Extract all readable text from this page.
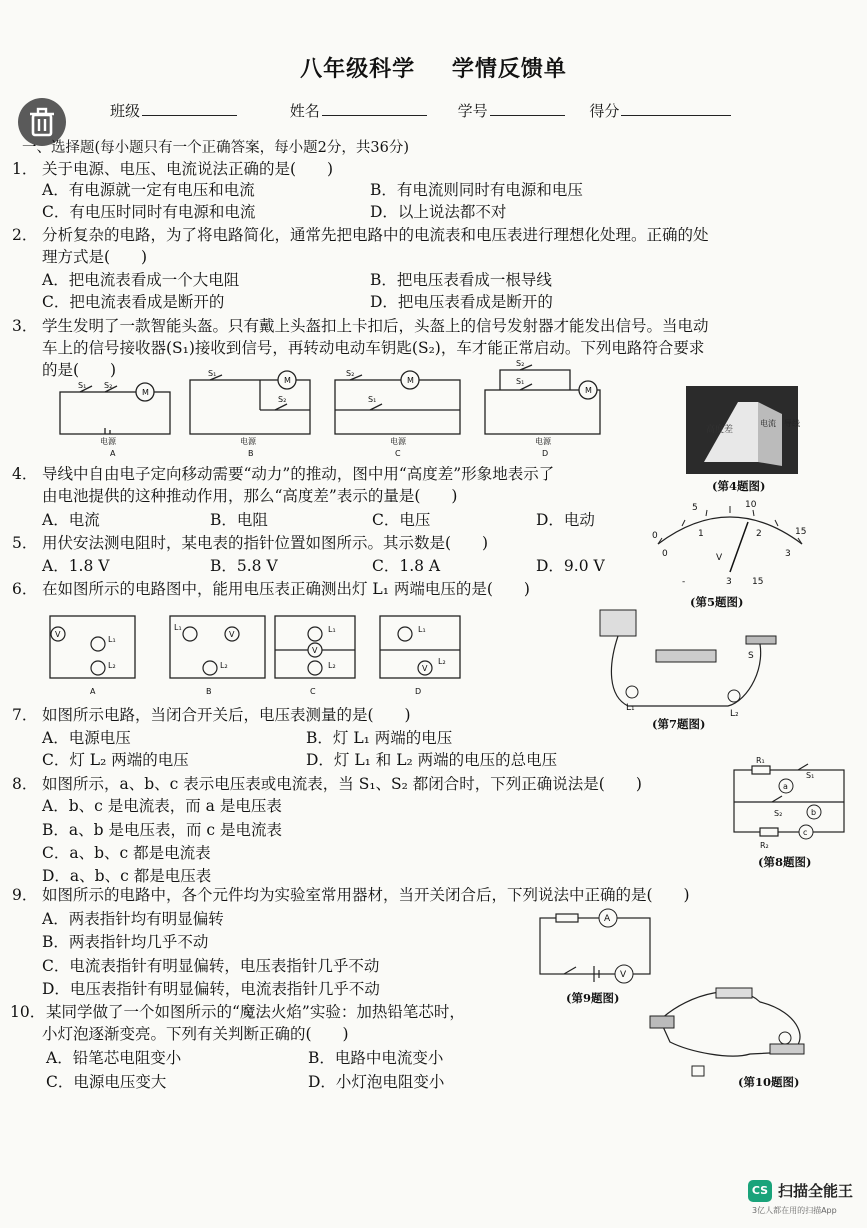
八年级科学 学情反馈单
班级	姓名	学号	得分
一、选择题(每小题只有一个正确答案，每小题2分，共36分)
1． 关于电源、电压、电流说法正确的是(　　)
A．有电源就一定有电压和电流	B．有电流则同时有电源和电压
C．有电压时同时有电源和电流	D．以上说法都不对
2． 分析复杂的电路，为了将电路简化，通常先把电路中的电流表和电压表进行理想化处理。正确的处
理方式是(　　)
A．把电流表看成一个大电阻	B．把电压表看成一根导线
C．把电流表看成是断开的	D．把电压表看成是断开的
3． 学生发明了一款智能头盔。只有戴上头盔扣上卡扣后，头盔上的信号发射器才能发出信号。当电动
车上的信号接收器(S₁)接收到信号，再转动电动车钥匙(S₂)，车才能正常启动。下列电路符合要求
的是(　　)
M
M	M
M
S₁ S₂
S₁
S₂
S₂
S₁
S₂
S₁
电源	电源	电源	电源
A	B	C	D
高度差
电流　导线
(第4题图)
4． 导线中自由电子定向移动需要“动力”的推动，图中用“高度差”形象地表示了
由电池提供的这种推动作用，那么“高度差”表示的量是(　　)
A．电流	B．电阻	C．电压	D．电动
0
5	10
15
0
1	2
3
V
-	3 15
(第5题图)
5． 用伏安法测电阻时，某电表的指针位置如图所示。其示数是(　　)
A．1.8 V	B．5.8 V	C．1.8 A	D．9.0 V
6． 在如图所示的电路图中，能用电压表正确测出灯 L₁ 两端电压的是(　　)
V	V
V
V
L₁
L₂
L₁
L₂
L₁
L₂
L₁
L₂
A	B	C	D
L₁
L₂
S
(第7题图)
7． 如图所示电路，当闭合开关后，电压表测量的是(　　)
A．电源电压	B．灯 L₁ 两端的电压
C．灯 L₂ 两端的电压	D．灯 L₁ 和 L₂ 两端的电压的总电压
8． 如图所示，a、b、c 表示电压表或电流表，当 S₁、S₂ 都闭合时，下列正确说法是(　　)
A．b、c 是电流表，而 a 是电压表
B．a、b 是电压表，而 c 是电流表
C．a、b、c 都是电流表
D．a、b、c 都是电压表
a
b
c
R₁
R₂
S₁
S₂
(第8题图)
9． 如图所示的电路中，各个元件均为实验室常用器材，当开关闭合后，下列说法中正确的是(　　)
A．两表指针均有明显偏转
B．两表指针均几乎不动
C．电流表指针有明显偏转，电压表指针几乎不动
D．电压表指针有明显偏转，电流表指针几乎不动
A
V
(第9题图)
10． 某同学做了一个如图所示的“魔法火焰”实验：加热铅笔芯时，
小灯泡逐渐变亮。下列有关判断正确的(　　)
A．铅笔芯电阻变小	B．电路中电流变小
C．电源电压变大	D．小灯泡电阻变小	(第10题图)
CS 扫描全能王
3亿人都在用的扫描App
